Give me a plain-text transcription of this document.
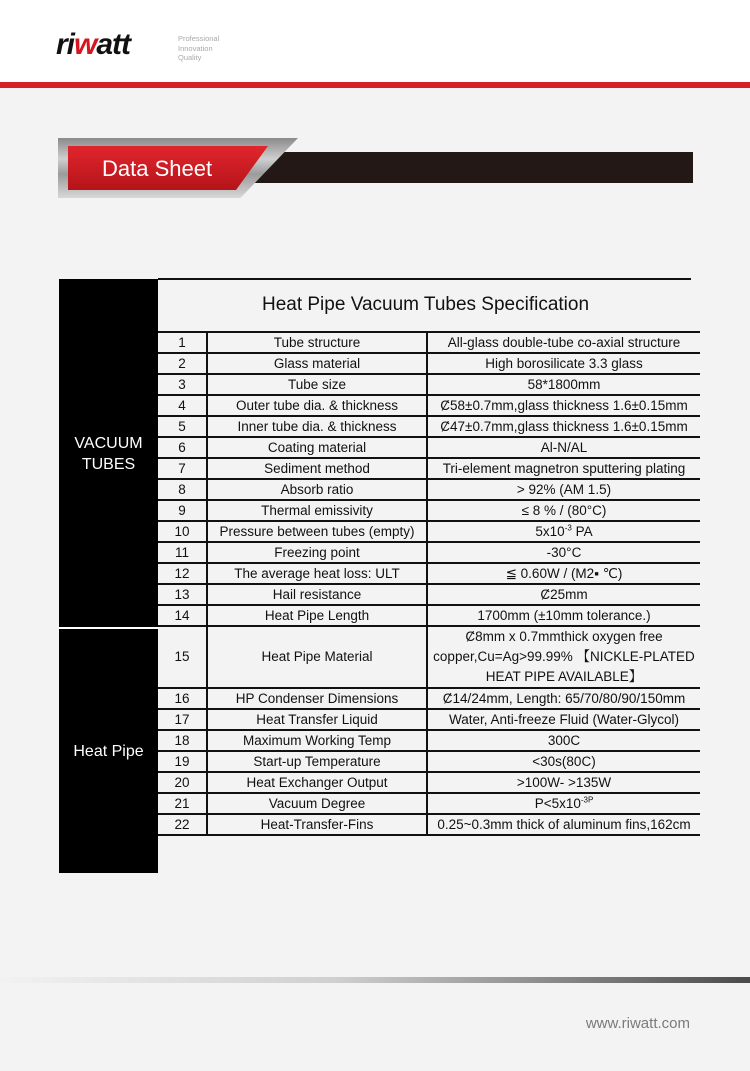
riwatt	Professional
Innovation
Quality
Data Sheet
VACUUM
TUBES
Heat Pipe
Heat Pipe Vacuum Tubes Specification
1	Tube structure	All-glass double-tube co-axial structure
2	Glass material	High borosilicate 3.3 glass
3	Tube size	58*1800mm
4	Outer tube dia. & thickness	Ȼ58±0.7mm,glass thickness 1.6±0.15mm
5	Inner tube dia. & thickness	Ȼ47±0.7mm,glass thickness 1.6±0.15mm
6	Coating material	Al-N/AL
7	Sediment method	Tri-element magnetron sputtering plating
8	Absorb ratio	> 92% (AM 1.5)
9	Thermal emissivity	≤ 8 % / (80°C)
10	Pressure between tubes (empty)	$5x10^{-3}$ PA
11	Freezing point	-30°C
12	The average heat loss: ULT	≦ 0.60W / (M2▪ ℃)
13	Hail resistance	Ȼ25mm
14	Heat Pipe Length	1700mm (±10mm tolerance.)
15	Heat Pipe Material	Ȼ8mm x 0.7mmthick oxygen free
copper,Cu=Ag>99.99% 【NICKLE-PLATED
HEAT PIPE AVAILABLE】

16	HP Condenser Dimensions	Ȼ14/24mm, Length: 65/70/80/90/150mm
17	Heat Transfer Liquid	Water, Anti-freeze Fluid (Water-Glycol)
18	Maximum Working Temp	300C
19	Start-up Temperature	<30s(80C)
20	Heat Exchanger Output	>100W- >135W
21	Vacuum Degree	$P<5x10^{-3P}$
22	Heat-Transfer-Fins	0.25~0.3mm thick of aluminum fins,162cm
www.riwatt.com
